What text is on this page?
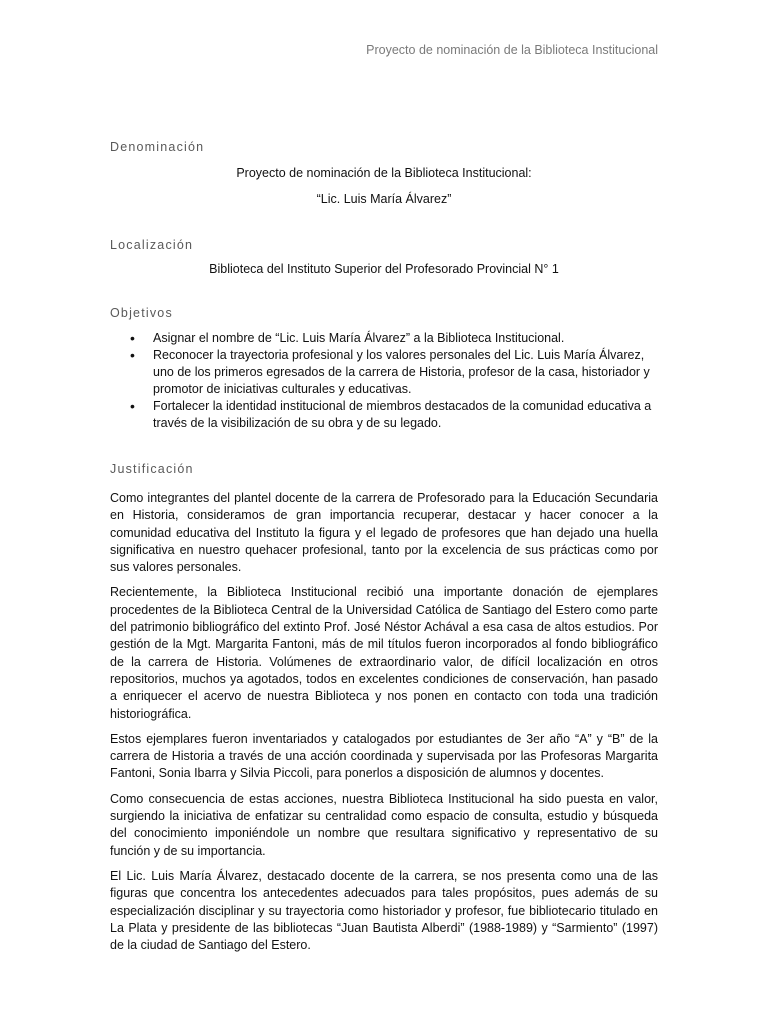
Proyecto de nominación de la Biblioteca Institucional
Denominación
Proyecto de nominación de la Biblioteca Institucional:
“Lic. Luis María Álvarez”
Localización
Biblioteca del Instituto Superior del Profesorado Provincial N° 1
Objetivos
• Asignar el nombre de “Lic. Luis María Álvarez” a la Biblioteca Institucional.
• Reconocer la trayectoria profesional y los valores personales del Lic. Luis María Álvarez, uno de los primeros egresados de la carrera de Historia, profesor de la casa, historiador y promotor de iniciativas culturales y educativas.
• Fortalecer la identidad institucional de miembros destacados de la comunidad educativa a través de la visibilización de su obra y de su legado.
Justificación

Como integrantes del plantel docente de la carrera de Profesorado para la Educación Secundaria en Historia, consideramos de gran importancia recuperar, destacar y hacer conocer a la comunidad educativa del Instituto la figura y el legado de profesores que han dejado una huella significativa en nuestro quehacer profesional, tanto por la excelencia de sus prácticas como por sus valores personales.

Recientemente, la Biblioteca Institucional recibió una importante donación de ejemplares procedentes de la Biblioteca Central de la Universidad Católica de Santiago del Estero como parte del patrimonio bibliográfico del extinto Prof. José Néstor Achával a esa casa de altos estudios. Por gestión de la Mgt. Margarita Fantoni, más de mil títulos fueron incorporados al fondo bibliográfico de la carrera de Historia. Volúmenes de extraordinario valor, de difícil localización en otros repositorios, muchos ya agotados, todos en excelentes condiciones de conservación, han pasado a enriquecer el acervo de nuestra Biblioteca y nos ponen en contacto con toda una tradición historiográfica.

Estos ejemplares fueron inventariados y catalogados por estudiantes de 3er año “A” y “B” de la carrera de Historia a través de una acción coordinada y supervisada por las Profesoras Margarita Fantoni, Sonia Ibarra y Silvia Piccoli, para ponerlos a disposición de alumnos y docentes.

Como consecuencia de estas acciones, nuestra Biblioteca Institucional ha sido puesta en valor, surgiendo la iniciativa de enfatizar su centralidad como espacio de consulta, estudio y búsqueda del conocimiento imponiéndole un nombre que resultara significativo y representativo de su función y de su importancia.

El Lic. Luis María Álvarez, destacado docente de la carrera, se nos presenta como una de las figuras que concentra los antecedentes adecuados para tales propósitos, pues además de su especialización disciplinar y su trayectoria como historiador y profesor, fue bibliotecario titulado en La Plata y presidente de las bibliotecas “Juan Bautista Alberdi” (1988-1989) y “Sarmiento” (1997) de la ciudad de Santiago del Estero.
